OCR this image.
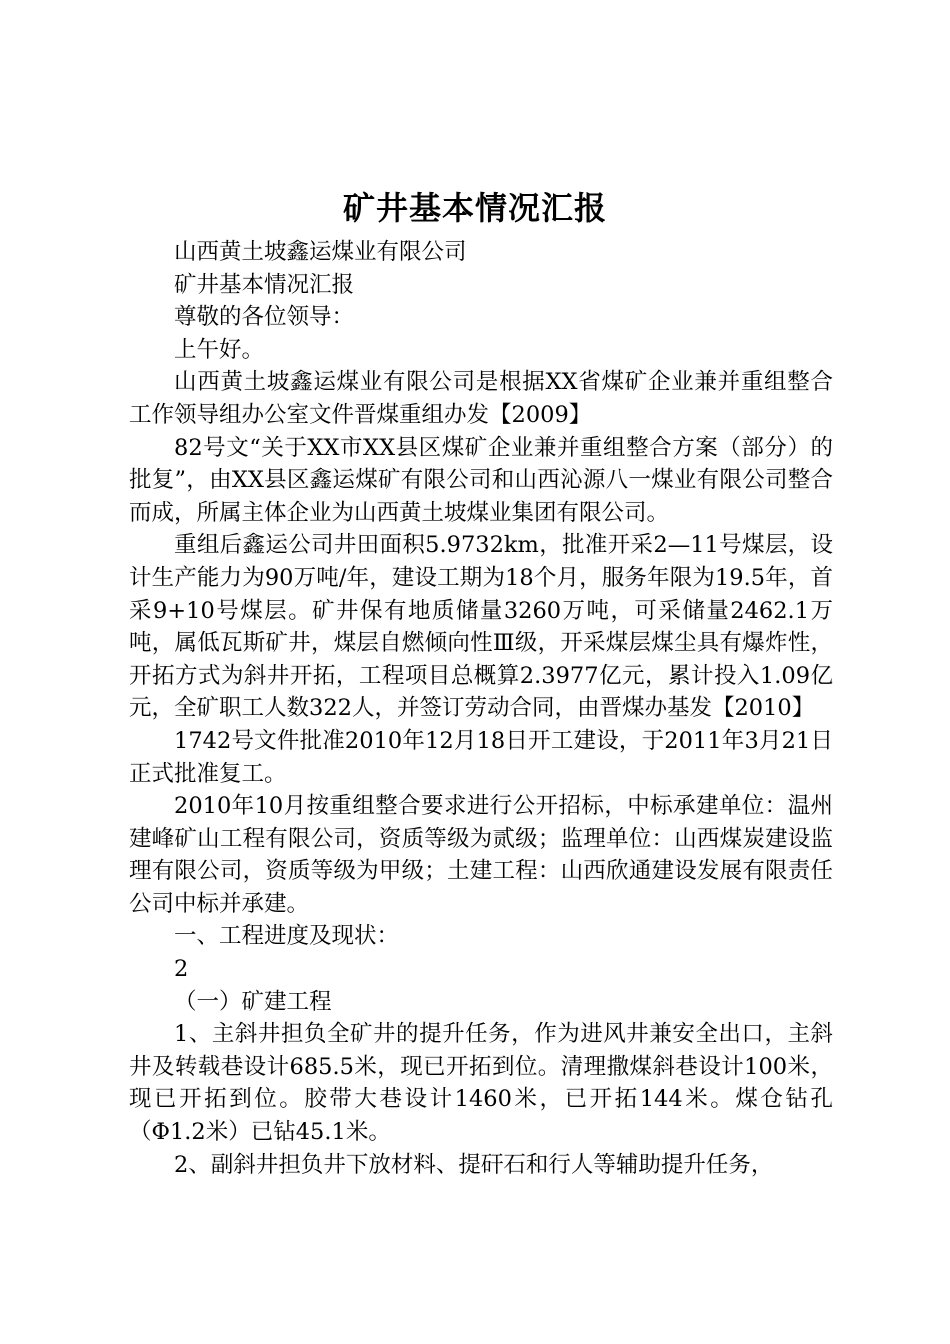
矿井基本情况汇报

山西黄土坡鑫运煤业有限公司

矿井基本情况汇报

尊敬的各位领导：

上午好。

山西黄土坡鑫运煤业有限公司是根据XX省煤矿企业兼并重组整合工作领导组办公室文件晋煤重组办发【2009】

82号文“关于XX市XX县区煤矿企业兼并重组整合方案（部分）的批复”，由XX县区鑫运煤矿有限公司和山西沁源八一煤业有限公司整合而成，所属主体企业为山西黄土坡煤业集团有限公司。

重组后鑫运公司井田面积5.9732km，批准开采2—11号煤层，设计生产能力为90万吨/年，建设工期为18个月，服务年限为19.5年，首采9+10号煤层。矿井保有地质储量3260万吨，可采储量2462.1万吨，属低瓦斯矿井，煤层自燃倾向性Ⅲ级，开采煤层煤尘具有爆炸性，开拓方式为斜井开拓，工程项目总概算2.3977亿元，累计投入1.09亿元，全矿职工人数322人，并签订劳动合同，由晋煤办基发【2010】

1742号文件批准2010年12月18日开工建设，于2011年3月21日正式批准复工。

2010年10月按重组整合要求进行公开招标，中标承建单位：温州建峰矿山工程有限公司，资质等级为贰级；监理单位：山西煤炭建设监理有限公司，资质等级为甲级；土建工程：山西欣通建设发展有限责任公司中标并承建。

一、工程进度及现状：

2

（一）矿建工程

1、主斜井担负全矿井的提升任务，作为进风井兼安全出口，主斜井及转载巷设计685.5米，现已开拓到位。清理撒煤斜巷设计100米，现已开拓到位。胶带大巷设计1460米，已开拓144米。煤仓钻孔（Φ1.2米）已钻45.1米。

2、副斜井担负井下放材料、提矸石和行人等辅助提升任务，
